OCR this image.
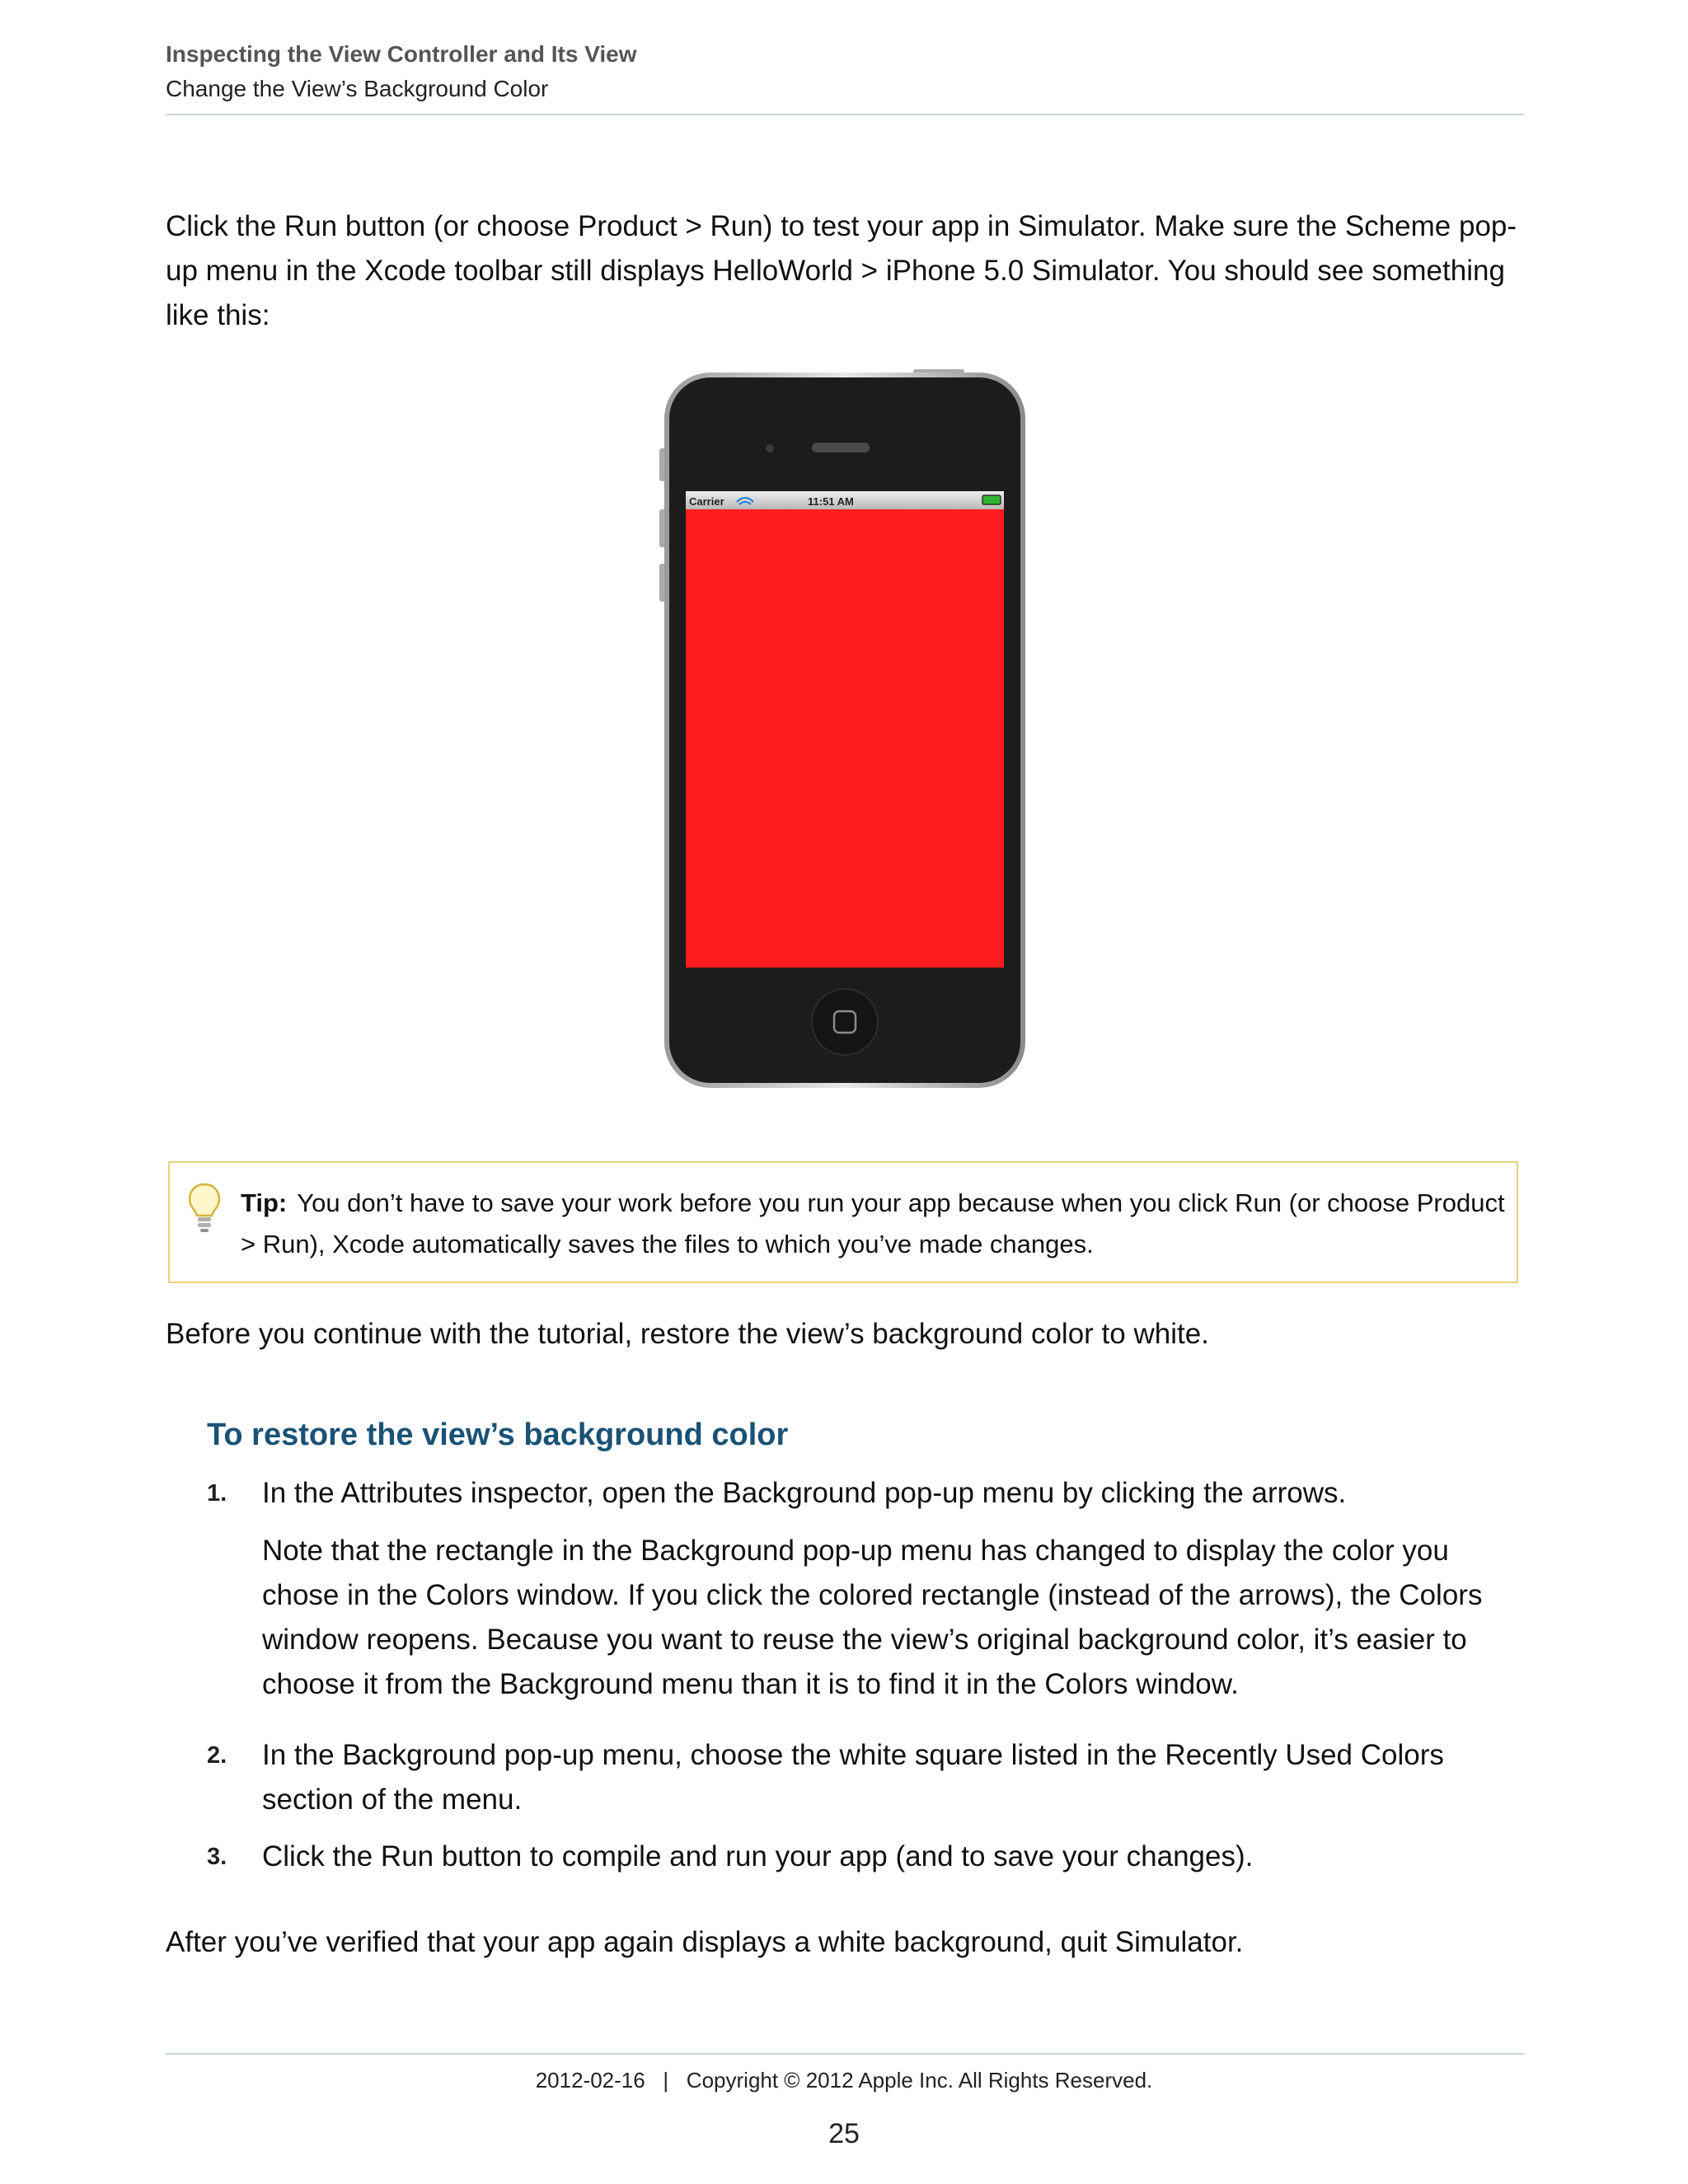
Inspecting the View Controller and Its View
Change the View’s Background Color

Click the Run button (or choose Product > Run) to test your app in Simulator. Make sure the Scheme pop-up menu in the Xcode toolbar still displays HelloWorld > iPhone 5.0 Simulator. You should see something like this:

Carrier	11:51 AM
Tip: You don’t have to save your work before you run your app because when you click Run (or choose Product > Run), Xcode automatically saves the files to which you’ve made changes.

Before you continue with the tutorial, restore the view’s background color to white.

To restore the view’s background color
1. In the Attributes inspector, open the Background pop-up menu by clicking the arrows.
Note that the rectangle in the Background pop-up menu has changed to display the color you chose in the Colors window. If you click the colored rectangle (instead of the arrows), the Colors window reopens. Because you want to reuse the view’s original background color, it’s easier to choose it from the Background menu than it is to find it in the Colors window.
2. In the Background pop-up menu, choose the white square listed in the Recently Used Colors section of the menu.
3. Click the Run button to compile and run your app (and to save your changes).

After you’ve verified that your app again displays a white background, quit Simulator.

2012-02-16   |   Copyright © 2012 Apple Inc. All Rights Reserved.
25
